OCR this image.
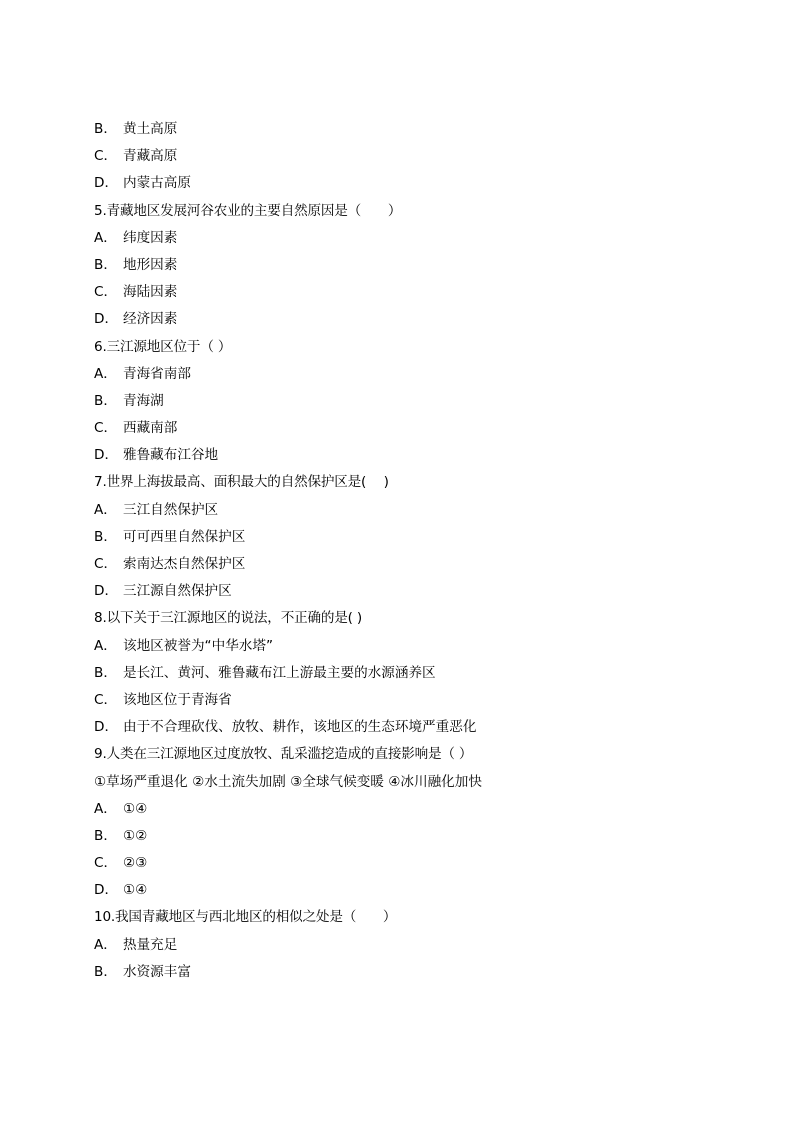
B． 黄土高原
C． 青藏高原
D． 内蒙古高原
5.青藏地区发展河谷农业的主要自然原因是（　　）
A． 纬度因素
B． 地形因素
C． 海陆因素
D． 经济因素
6.三江源地区位于（ ）
A． 青海省南部
B． 青海湖
C． 西藏南部
D． 雅鲁藏布江谷地
7.世界上海拔最高、面积最大的自然保护区是(　 )
A． 三江自然保护区
B． 可可西里自然保护区
C． 索南达杰自然保护区
D． 三江源自然保护区
8.以下关于三江源地区的说法，不正确的是( )
A． 该地区被誉为“中华水塔”
B． 是长江、黄河、雅鲁藏布江上游最主要的水源涵养区
C． 该地区位于青海省
D． 由于不合理砍伐、放牧、耕作，该地区的生态环境严重恶化
9.人类在三江源地区过度放牧、乱采滥挖造成的直接影响是（ ）
①草场严重退化 ②水土流失加剧 ③全球气候变暖 ④冰川融化加快
A． ①④
B． ①②
C． ②③
D． ①④
10.我国青藏地区与西北地区的相似之处是（　　）
A． 热量充足
B． 水资源丰富
